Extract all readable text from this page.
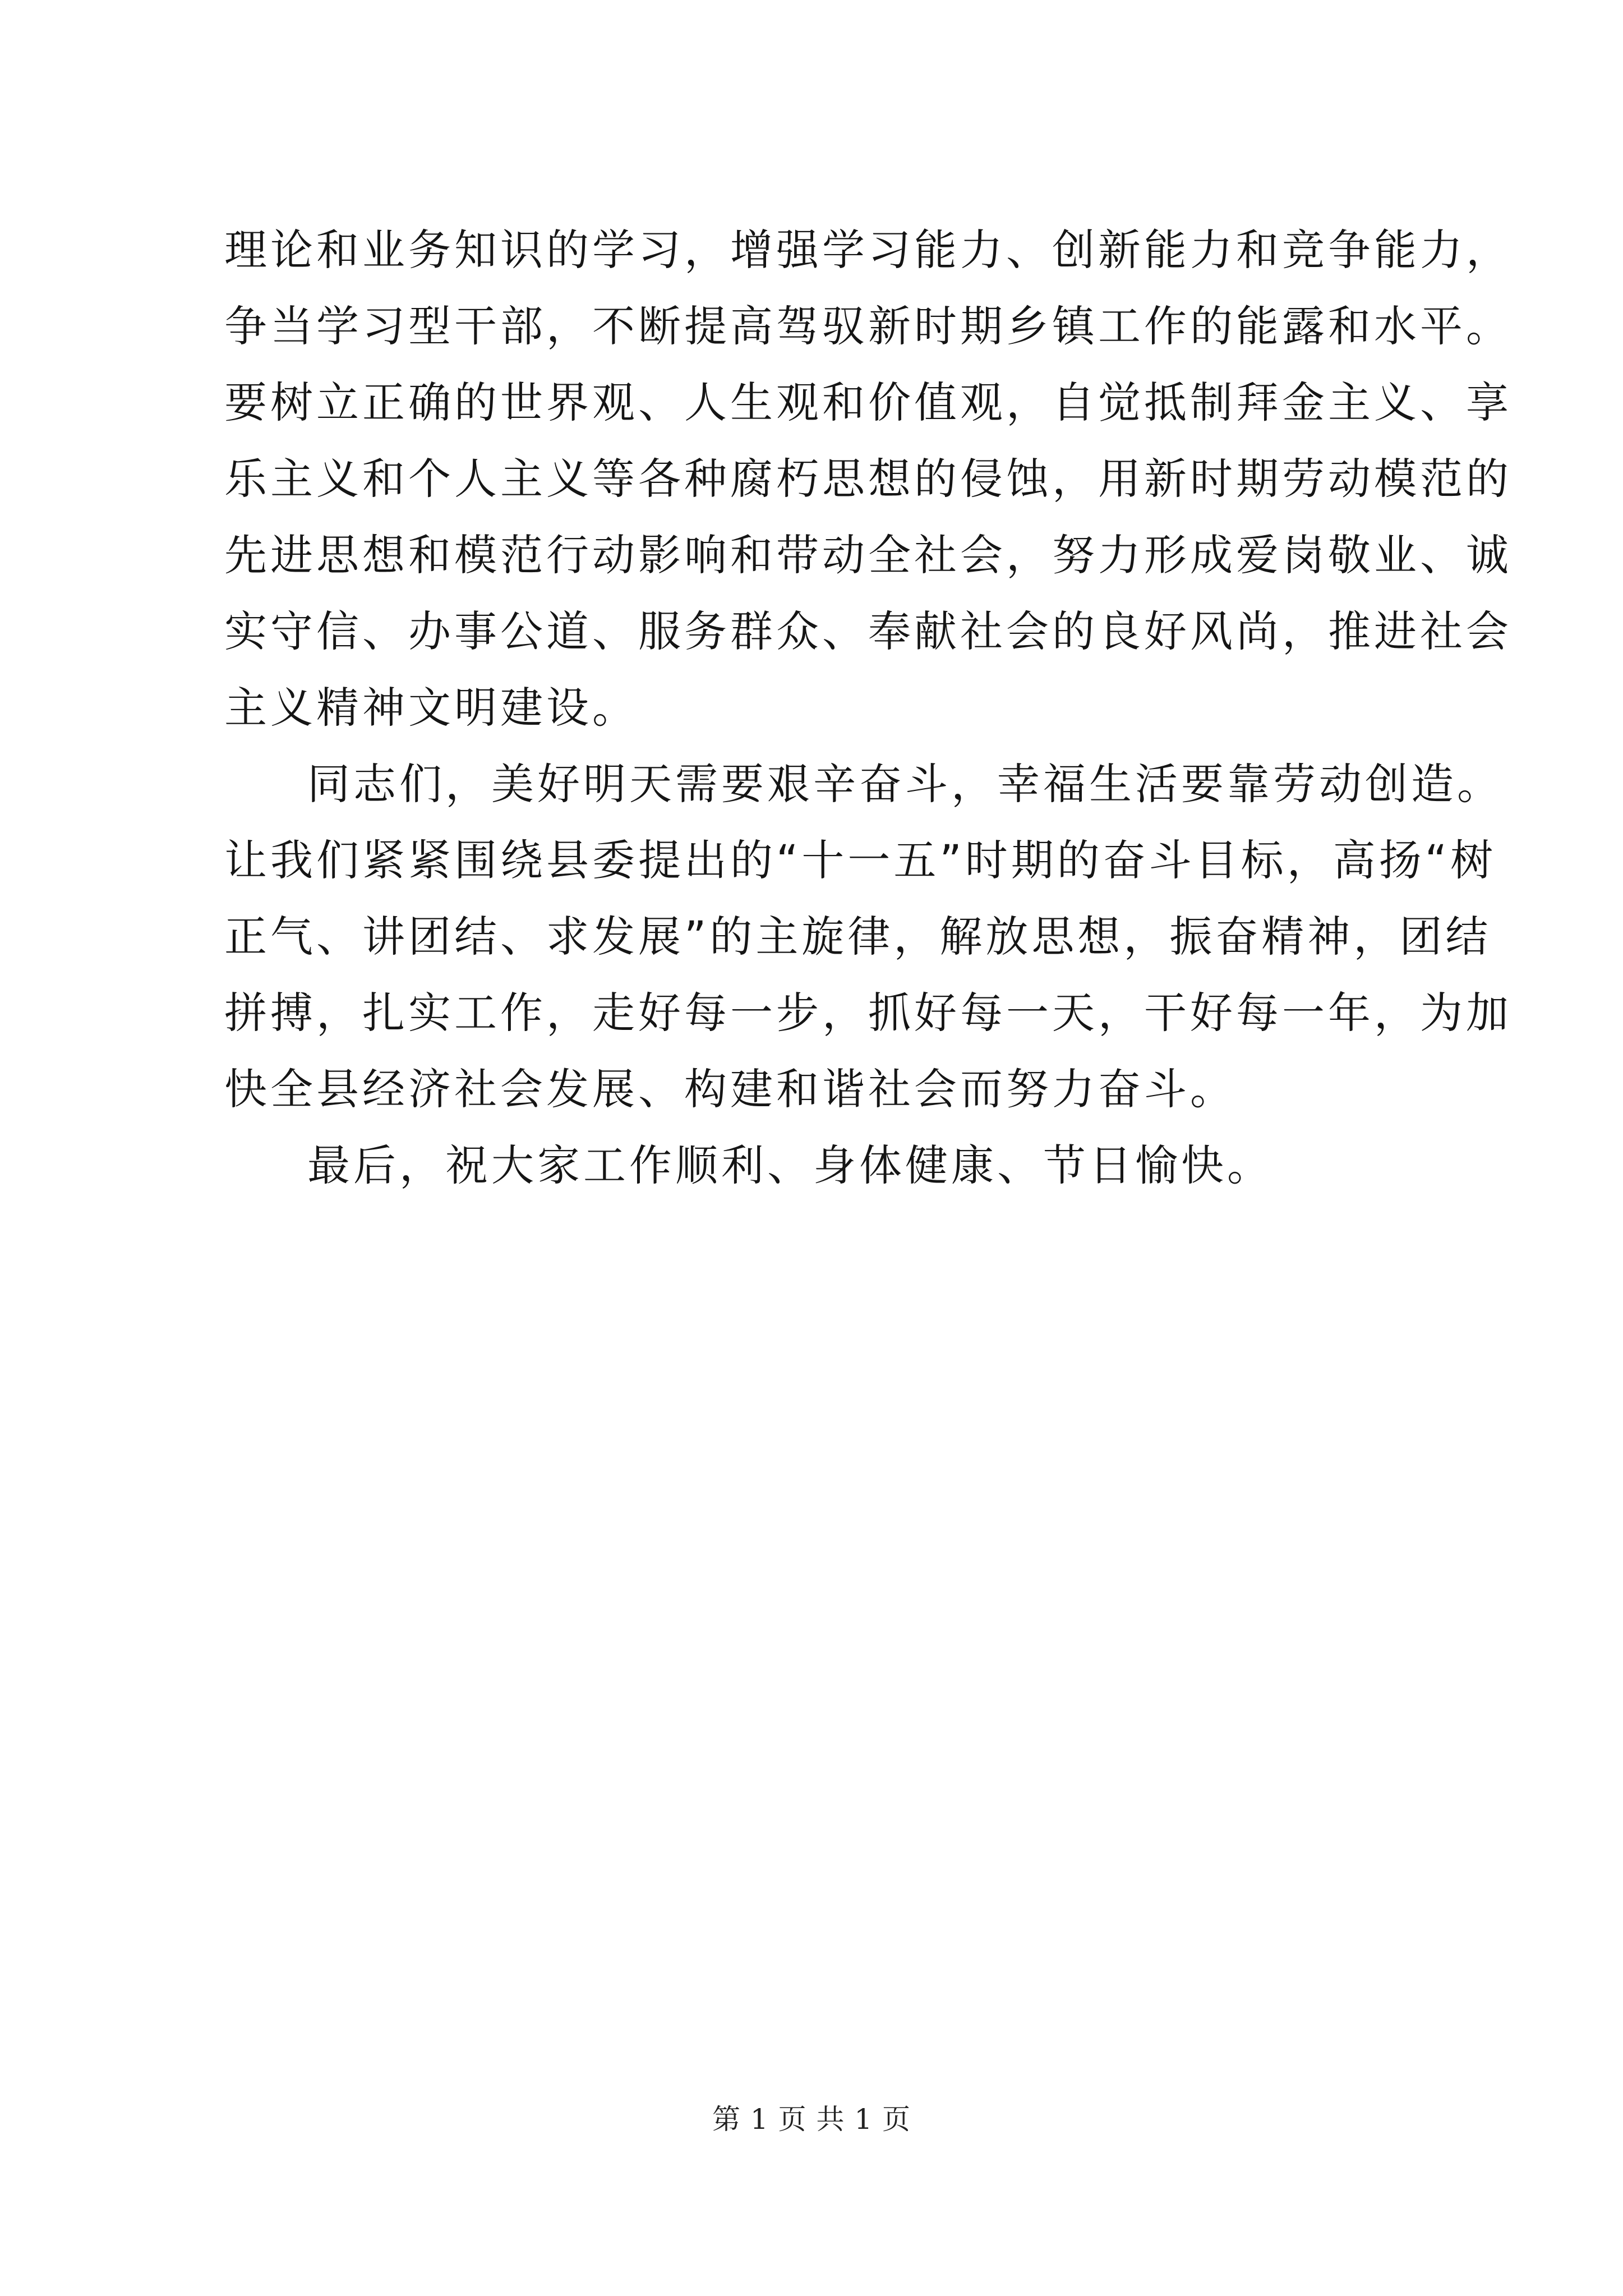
理论和业务知识的学习，增强学习能力、创新能力和竞争能力，
争当学习型干部，不断提高驾驭新时期乡镇工作的能露和水平。
要树立正确的世界观、人生观和价值观，自觉抵制拜金主义、享
乐主义和个人主义等各种腐朽思想的侵蚀，用新时期劳动模范的
先进思想和模范行动影响和带动全社会，努力形成爱岗敬业、诚
实守信、办事公道、服务群众、奉献社会的良好风尚，推进社会
主义精神文明建设。
同志们，美好明天需要艰辛奋斗，幸福生活要靠劳动创造。
让我们紧紧围绕县委提出的“十一五”时期的奋斗目标，高扬“树
正气、讲团结、求发展”的主旋律，解放思想，振奋精神，团结
拼搏，扎实工作，走好每一步，抓好每一天，干好每一年，为加
快全县经济社会发展、构建和谐社会而努力奋斗。
最后，祝大家工作顺利、身体健康、节日愉快。
第 1 页 共 1 页
